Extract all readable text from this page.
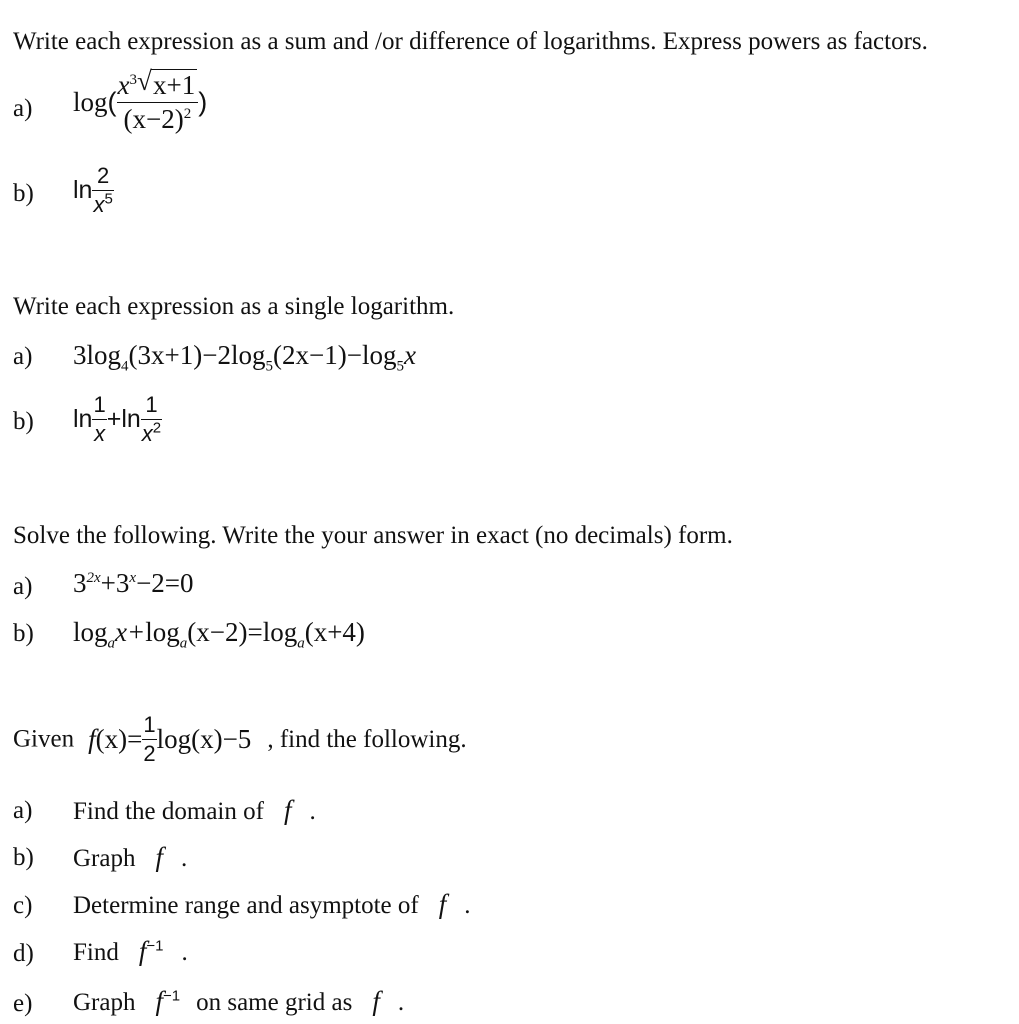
Write each expression as a sum and /or difference of logarithms. Express powers as factors.
a) $\log( \frac{x^3 √ x+1}{(x-2)^2}$ )
b) $\ln \frac{2}{x^5}$
Write each expression as a single logarithm.
a) $3\log_4(3x+1)-2\log_5(2x-1)-\log_5x$
b) $\ln \frac{1}{x} +\ln \frac{1}{x^2}$
Solve the following. Write the your answer in exact (no decimals) form.
a) $3^{2x}+3^x-2=0$
b) $\log_ax+\log_a(x-2)=\log_a(x+4)$
Given $f(x)= \frac{1}{2} \log(x)-5$ , find the following.
a) Find the domain of f .
b) Graph f .
c) Determine range and asymptote of f .
d) Find $f^{-1}$ .
e) Graph $f^{-1}$ on same grid as f .
